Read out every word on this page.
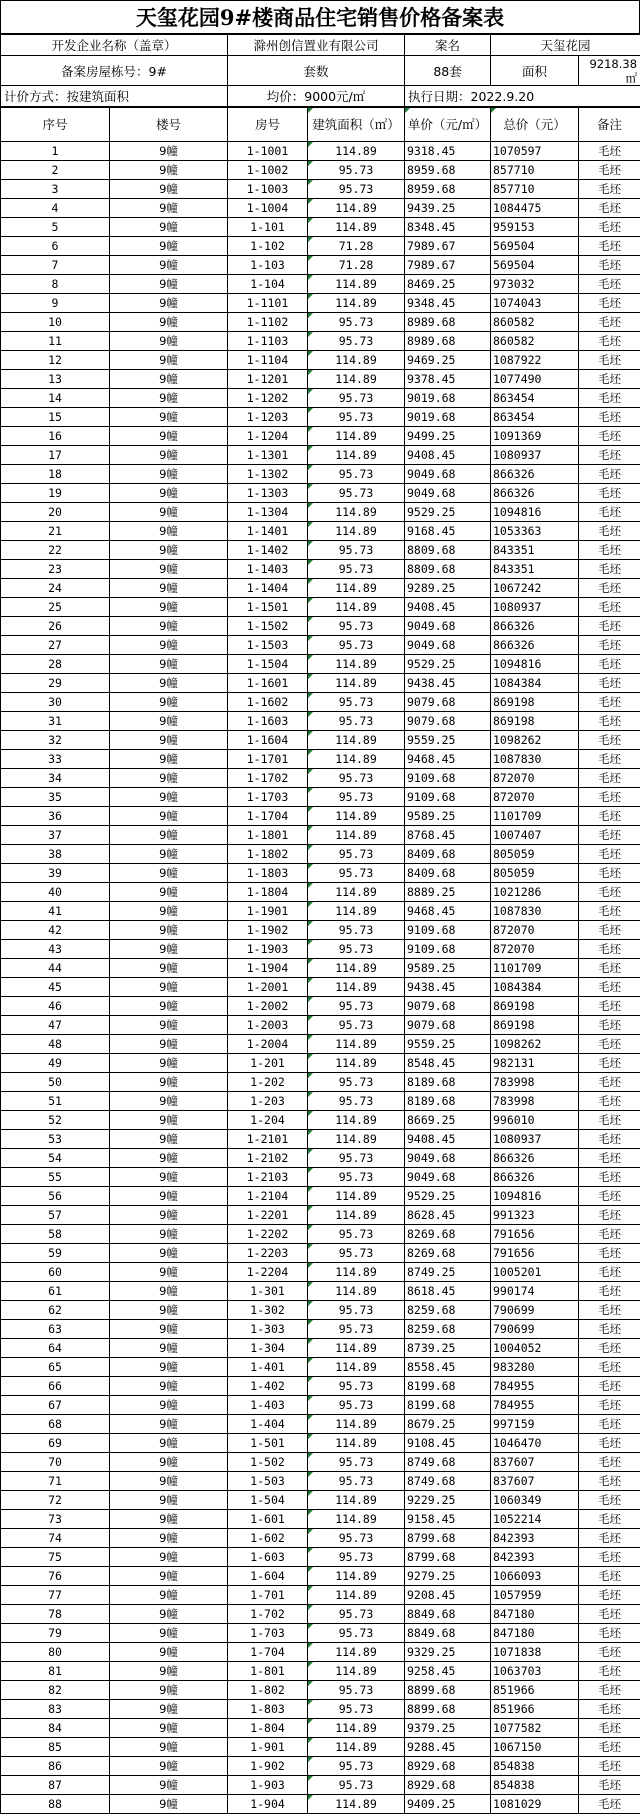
天玺花园9#楼商品住宅销售价格备案表
开发企业名称（盖章）	滁州创信置业有限公司	案名	天玺花园	
备案房屋栋号：9#	套数	88套	面积	9218.38㎡
计价方式：按建筑面积	均价：9000元/㎡	执行日期：2022.9.20		
序号	楼号	房号	建筑面积（㎡）	单价（元/㎡）	总价（元）	备注
1	9幢	1-1001	114.89	9318.45	1070597	毛坯
2	9幢	1-1002	95.73	8959.68	857710	毛坯
3	9幢	1-1003	95.73	8959.68	857710	毛坯
4	9幢	1-1004	114.89	9439.25	1084475	毛坯
5	9幢	1-101	114.89	8348.45	959153	毛坯
6	9幢	1-102	71.28	7989.67	569504	毛坯
7	9幢	1-103	71.28	7989.67	569504	毛坯
8	9幢	1-104	114.89	8469.25	973032	毛坯
9	9幢	1-1101	114.89	9348.45	1074043	毛坯
10	9幢	1-1102	95.73	8989.68	860582	毛坯
11	9幢	1-1103	95.73	8989.68	860582	毛坯
12	9幢	1-1104	114.89	9469.25	1087922	毛坯
13	9幢	1-1201	114.89	9378.45	1077490	毛坯
14	9幢	1-1202	95.73	9019.68	863454	毛坯
15	9幢	1-1203	95.73	9019.68	863454	毛坯
16	9幢	1-1204	114.89	9499.25	1091369	毛坯
17	9幢	1-1301	114.89	9408.45	1080937	毛坯
18	9幢	1-1302	95.73	9049.68	866326	毛坯
19	9幢	1-1303	95.73	9049.68	866326	毛坯
20	9幢	1-1304	114.89	9529.25	1094816	毛坯
21	9幢	1-1401	114.89	9168.45	1053363	毛坯
22	9幢	1-1402	95.73	8809.68	843351	毛坯
23	9幢	1-1403	95.73	8809.68	843351	毛坯
24	9幢	1-1404	114.89	9289.25	1067242	毛坯
25	9幢	1-1501	114.89	9408.45	1080937	毛坯
26	9幢	1-1502	95.73	9049.68	866326	毛坯
27	9幢	1-1503	95.73	9049.68	866326	毛坯
28	9幢	1-1504	114.89	9529.25	1094816	毛坯
29	9幢	1-1601	114.89	9438.45	1084384	毛坯
30	9幢	1-1602	95.73	9079.68	869198	毛坯
31	9幢	1-1603	95.73	9079.68	869198	毛坯
32	9幢	1-1604	114.89	9559.25	1098262	毛坯
33	9幢	1-1701	114.89	9468.45	1087830	毛坯
34	9幢	1-1702	95.73	9109.68	872070	毛坯
35	9幢	1-1703	95.73	9109.68	872070	毛坯
36	9幢	1-1704	114.89	9589.25	1101709	毛坯
37	9幢	1-1801	114.89	8768.45	1007407	毛坯
38	9幢	1-1802	95.73	8409.68	805059	毛坯
39	9幢	1-1803	95.73	8409.68	805059	毛坯
40	9幢	1-1804	114.89	8889.25	1021286	毛坯
41	9幢	1-1901	114.89	9468.45	1087830	毛坯
42	9幢	1-1902	95.73	9109.68	872070	毛坯
43	9幢	1-1903	95.73	9109.68	872070	毛坯
44	9幢	1-1904	114.89	9589.25	1101709	毛坯
45	9幢	1-2001	114.89	9438.45	1084384	毛坯
46	9幢	1-2002	95.73	9079.68	869198	毛坯
47	9幢	1-2003	95.73	9079.68	869198	毛坯
48	9幢	1-2004	114.89	9559.25	1098262	毛坯
49	9幢	1-201	114.89	8548.45	982131	毛坯
50	9幢	1-202	95.73	8189.68	783998	毛坯
51	9幢	1-203	95.73	8189.68	783998	毛坯
52	9幢	1-204	114.89	8669.25	996010	毛坯
53	9幢	1-2101	114.89	9408.45	1080937	毛坯
54	9幢	1-2102	95.73	9049.68	866326	毛坯
55	9幢	1-2103	95.73	9049.68	866326	毛坯
56	9幢	1-2104	114.89	9529.25	1094816	毛坯
57	9幢	1-2201	114.89	8628.45	991323	毛坯
58	9幢	1-2202	95.73	8269.68	791656	毛坯
59	9幢	1-2203	95.73	8269.68	791656	毛坯
60	9幢	1-2204	114.89	8749.25	1005201	毛坯
61	9幢	1-301	114.89	8618.45	990174	毛坯
62	9幢	1-302	95.73	8259.68	790699	毛坯
63	9幢	1-303	95.73	8259.68	790699	毛坯
64	9幢	1-304	114.89	8739.25	1004052	毛坯
65	9幢	1-401	114.89	8558.45	983280	毛坯
66	9幢	1-402	95.73	8199.68	784955	毛坯
67	9幢	1-403	95.73	8199.68	784955	毛坯
68	9幢	1-404	114.89	8679.25	997159	毛坯
69	9幢	1-501	114.89	9108.45	1046470	毛坯
70	9幢	1-502	95.73	8749.68	837607	毛坯
71	9幢	1-503	95.73	8749.68	837607	毛坯
72	9幢	1-504	114.89	9229.25	1060349	毛坯
73	9幢	1-601	114.89	9158.45	1052214	毛坯
74	9幢	1-602	95.73	8799.68	842393	毛坯
75	9幢	1-603	95.73	8799.68	842393	毛坯
76	9幢	1-604	114.89	9279.25	1066093	毛坯
77	9幢	1-701	114.89	9208.45	1057959	毛坯
78	9幢	1-702	95.73	8849.68	847180	毛坯
79	9幢	1-703	95.73	8849.68	847180	毛坯
80	9幢	1-704	114.89	9329.25	1071838	毛坯
81	9幢	1-801	114.89	9258.45	1063703	毛坯
82	9幢	1-802	95.73	8899.68	851966	毛坯
83	9幢	1-803	95.73	8899.68	851966	毛坯
84	9幢	1-804	114.89	9379.25	1077582	毛坯
85	9幢	1-901	114.89	9288.45	1067150	毛坯
86	9幢	1-902	95.73	8929.68	854838	毛坯
87	9幢	1-903	95.73	8929.68	854838	毛坯
88	9幢	1-904	114.89	9409.25	1081029	毛坯
